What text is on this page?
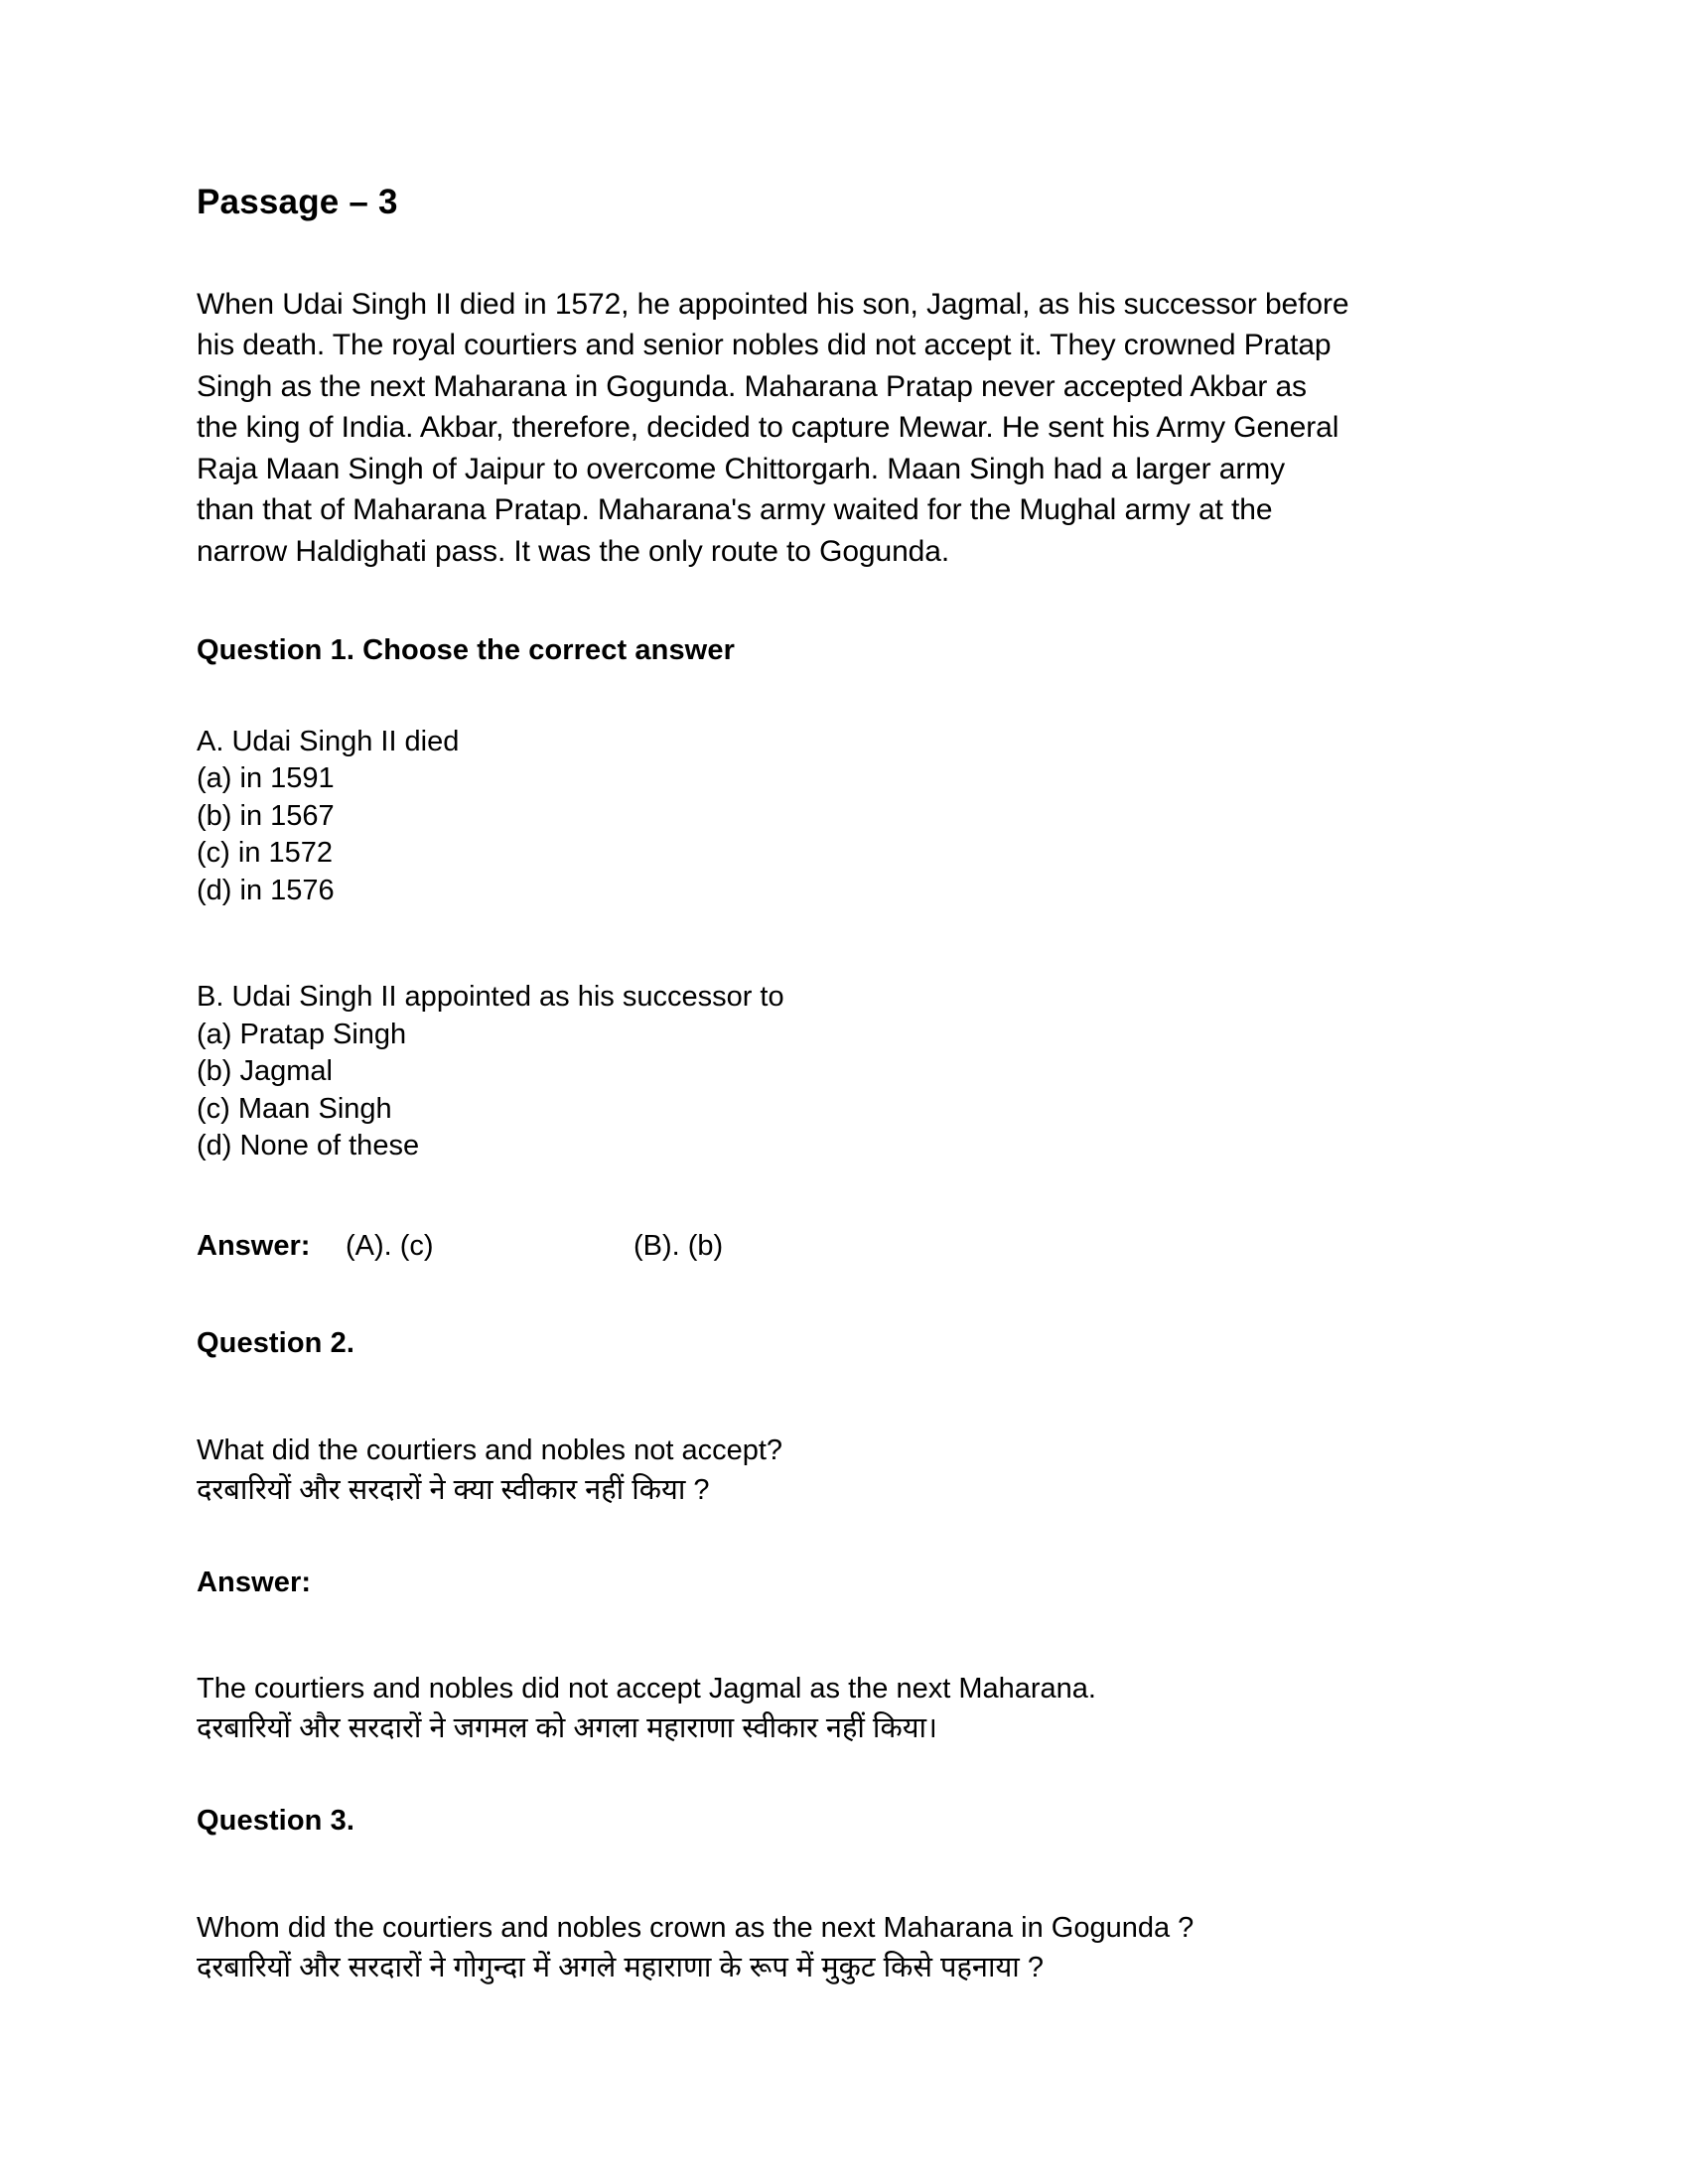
Passage – 3

When Udai Singh II died in 1572, he appointed his son, Jagmal, as his successor before
his death. The royal courtiers and senior nobles did not accept it. They crowned Pratap
Singh as the next Maharana in Gogunda. Maharana Pratap never accepted Akbar as
the king of India. Akbar, therefore, decided to capture Mewar. He sent his Army General
Raja Maan Singh of Jaipur to overcome Chittorgarh. Maan Singh had a larger army
than that of Maharana Pratap. Maharana's army waited for the Mughal army at the
narrow Haldighati pass. It was the only route to Gogunda.

Question 1. Choose the correct answer
A. Udai Singh II died
(a) in 1591
(b) in 1567
(c) in 1572
(d) in 1576
B. Udai Singh II appointed as his successor to
(a) Pratap Singh
(b) Jagmal
(c) Maan Singh
(d) None of these
Answer:	(A). (c)	(B). (b)
Question 2.

What did the courtiers and nobles not accept?
दरबारियों और सरदारों ने क्या स्वीकार नहीं किया ?

Answer:

The courtiers and nobles did not accept Jagmal as the next Maharana.
दरबारियों और सरदारों ने जगमल को अगला महाराणा स्वीकार नहीं किया।

Question 3.

Whom did the courtiers and nobles crown as the next Maharana in Gogunda ?
दरबारियों और सरदारों ने गोगुन्दा में अगले महाराणा के रूप में मुकुट किसे पहनाया ?
